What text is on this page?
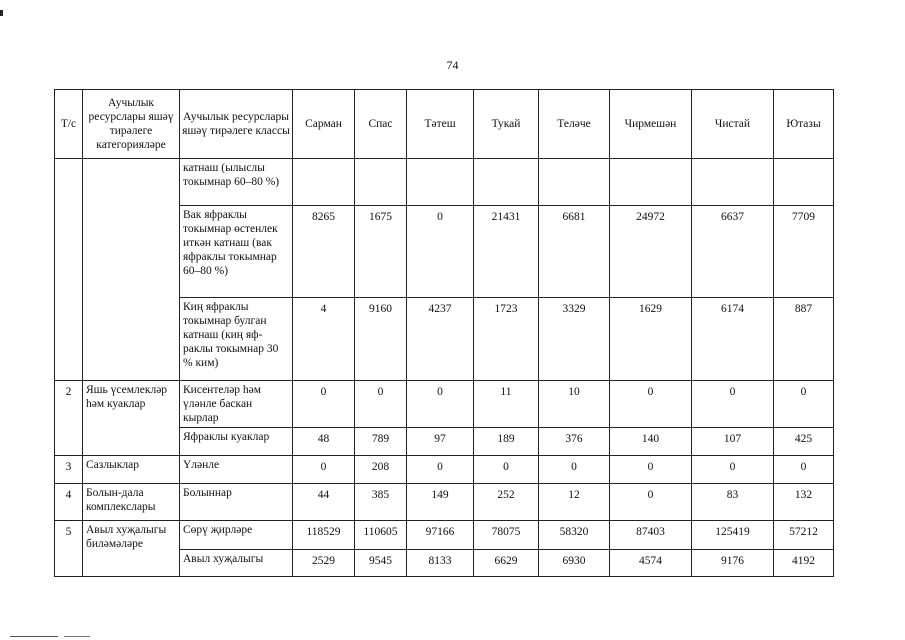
74
Т/с	Аучылык ресурслары яшәү тирәлеге категорияләре	Аучылык ресурслары яшәү тирәлеге классы	Сарман	Спас	Тәтеш	Тукай	Теләче	Чирмешән	Чистай	Ютазы
		катнаш (ылыслы токымнар 60–80 %)								
		Вак яфраклы токымнар өстенлек иткән катнаш (вак яфраклы токымнар 60–80 %)	8265	1675	0	21431	6681	24972	6637	7709
		Киң яфраклы токымнар булган катнаш (киң яф-раклы токымнар 30 % ким)	4	9160	4237	1723	3329	1629	6174	887
2	Яшь үсемлекләр һәм куаклар	Кисентеләр һәм үләнле баскан кырлар	0	0	0	11	10	0	0	0
		Яфраклы куаклар	48	789	97	189	376	140	107	425
3	Сазлыклар	Үләнле	0	208	0	0	0	0	0	0
4	Болын-дала комплекслары	Болыннар	44	385	149	252	12	0	83	132
5	Авыл хуҗалыгы биләмәләре	Сөрү җирләре	118529	110605	97166	78075	58320	87403	125419	57212
		Авыл хуҗалыгы	2529	9545	8133	6629	6930	4574	9176	4192
